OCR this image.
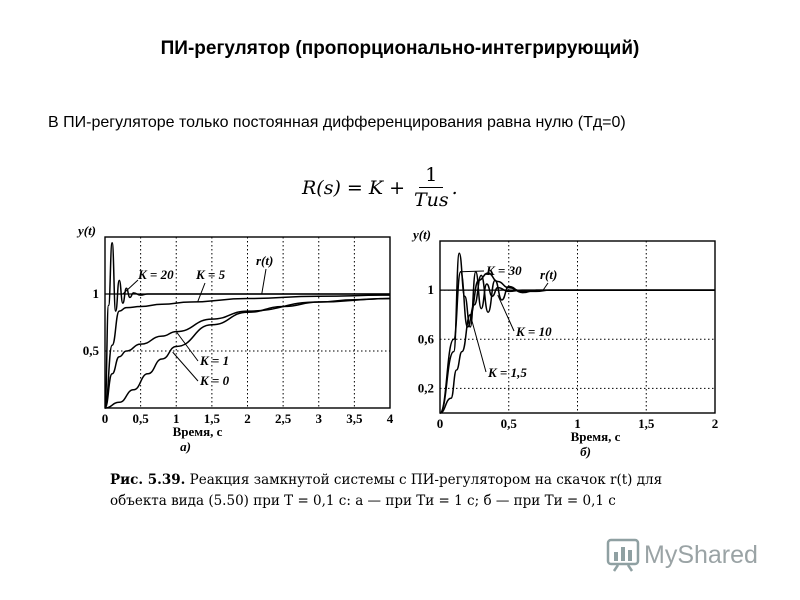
ПИ-регулятор (пропорционально-интегрирующий)
В ПИ-регуляторе только постоянная дифференцирования равна нулю (Тд=0)
$R(s) = K + \frac{1}{\text{Tиs}}$ .
0 0,5 1 1,5 2 2,5 3 3,5 4
0,5
1
y(t)
Время, с
а)
K = 20 K = 5
r(t)
K = 1
K = 0
0	0,5	1	1,5	2
0,2
0,6
1
y(t)
Время, с
б)
K = 30 r(t)
K = 10
K = 1,5
Рис. 5.39. Реакция замкнутой системы с ПИ-регулятором на скачок r(t) для объекта вида (5.50) при T = 0,1 с: а — при Tи = 1 с; б — при Tи = 0,1 с
MyShared
